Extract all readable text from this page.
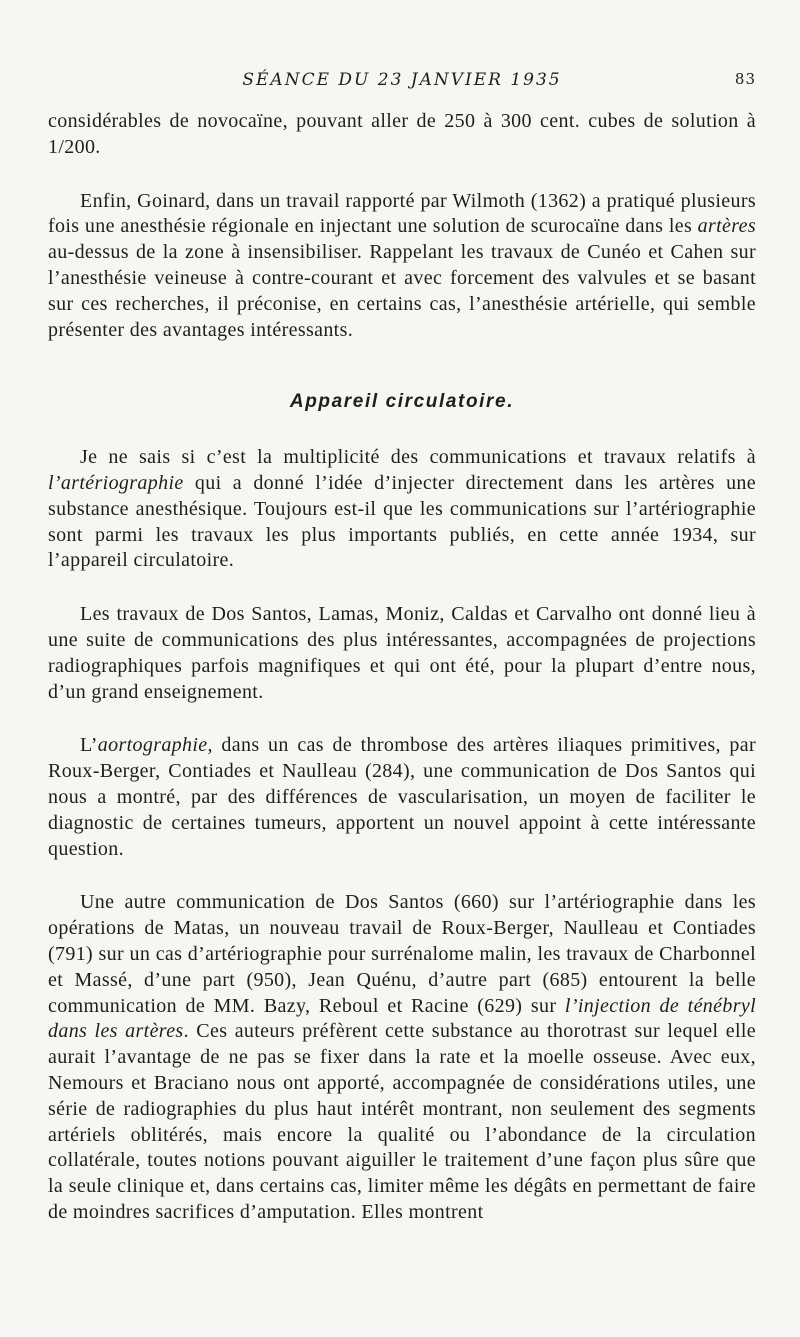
SÉANCE DU 23 JANVIER 1935	83

considérables de novocaïne, pouvant aller de 250 à 300 cent. cubes de solution à 1/200.

Enfin, Goinard, dans un travail rapporté par Wilmoth (1362) a pratiqué plusieurs fois une anesthésie régionale en injectant une solution de scurocaïne dans les artères au-dessus de la zone à insensibiliser. Rappelant les travaux de Cunéo et Cahen sur l’anesthésie veineuse à contre-courant et avec forcement des valvules et se basant sur ces recherches, il préconise, en certains cas, l’anesthésie artérielle, qui semble présenter des avantages intéressants.

Appareil circulatoire.

Je ne sais si c’est la multiplicité des communications et travaux relatifs à l’artériographie qui a donné l’idée d’injecter directement dans les artères une substance anesthésique. Toujours est-il que les communications sur l’artériographie sont parmi les travaux les plus importants publiés, en cette année 1934, sur l’appareil circulatoire.

Les travaux de Dos Santos, Lamas, Moniz, Caldas et Carvalho ont donné lieu à une suite de communications des plus intéressantes, accompagnées de projections radiographiques parfois magnifiques et qui ont été, pour la plupart d’entre nous, d’un grand enseignement.

L’aortographie, dans un cas de thrombose des artères iliaques primitives, par Roux-Berger, Contiades et Naulleau (284), une communication de Dos Santos qui nous a montré, par des différences de vascularisation, un moyen de faciliter le diagnostic de certaines tumeurs, apportent un nouvel appoint à cette intéressante question.

Une autre communication de Dos Santos (660) sur l’artériographie dans les opérations de Matas, un nouveau travail de Roux-Berger, Naulleau et Contiades (791) sur un cas d’artériographie pour surrénalome malin, les travaux de Charbonnel et Massé, d’une part (950), Jean Quénu, d’autre part (685) entourent la belle communication de MM. Bazy, Reboul et Racine (629) sur l’injection de ténébryl dans les artères. Ces auteurs préfèrent cette substance au thorotrast sur lequel elle aurait l’avantage de ne pas se fixer dans la rate et la moelle osseuse. Avec eux, Nemours et Braciano nous ont apporté, accompagnée de considérations utiles, une série de radiographies du plus haut intérêt montrant, non seulement des segments artériels oblitérés, mais encore la qualité ou l’abondance de la circulation collatérale, toutes notions pouvant aiguiller le traitement d’une façon plus sûre que la seule clinique et, dans certains cas, limiter même les dégâts en permettant de faire de moindres sacrifices d’amputation. Elles montrent
